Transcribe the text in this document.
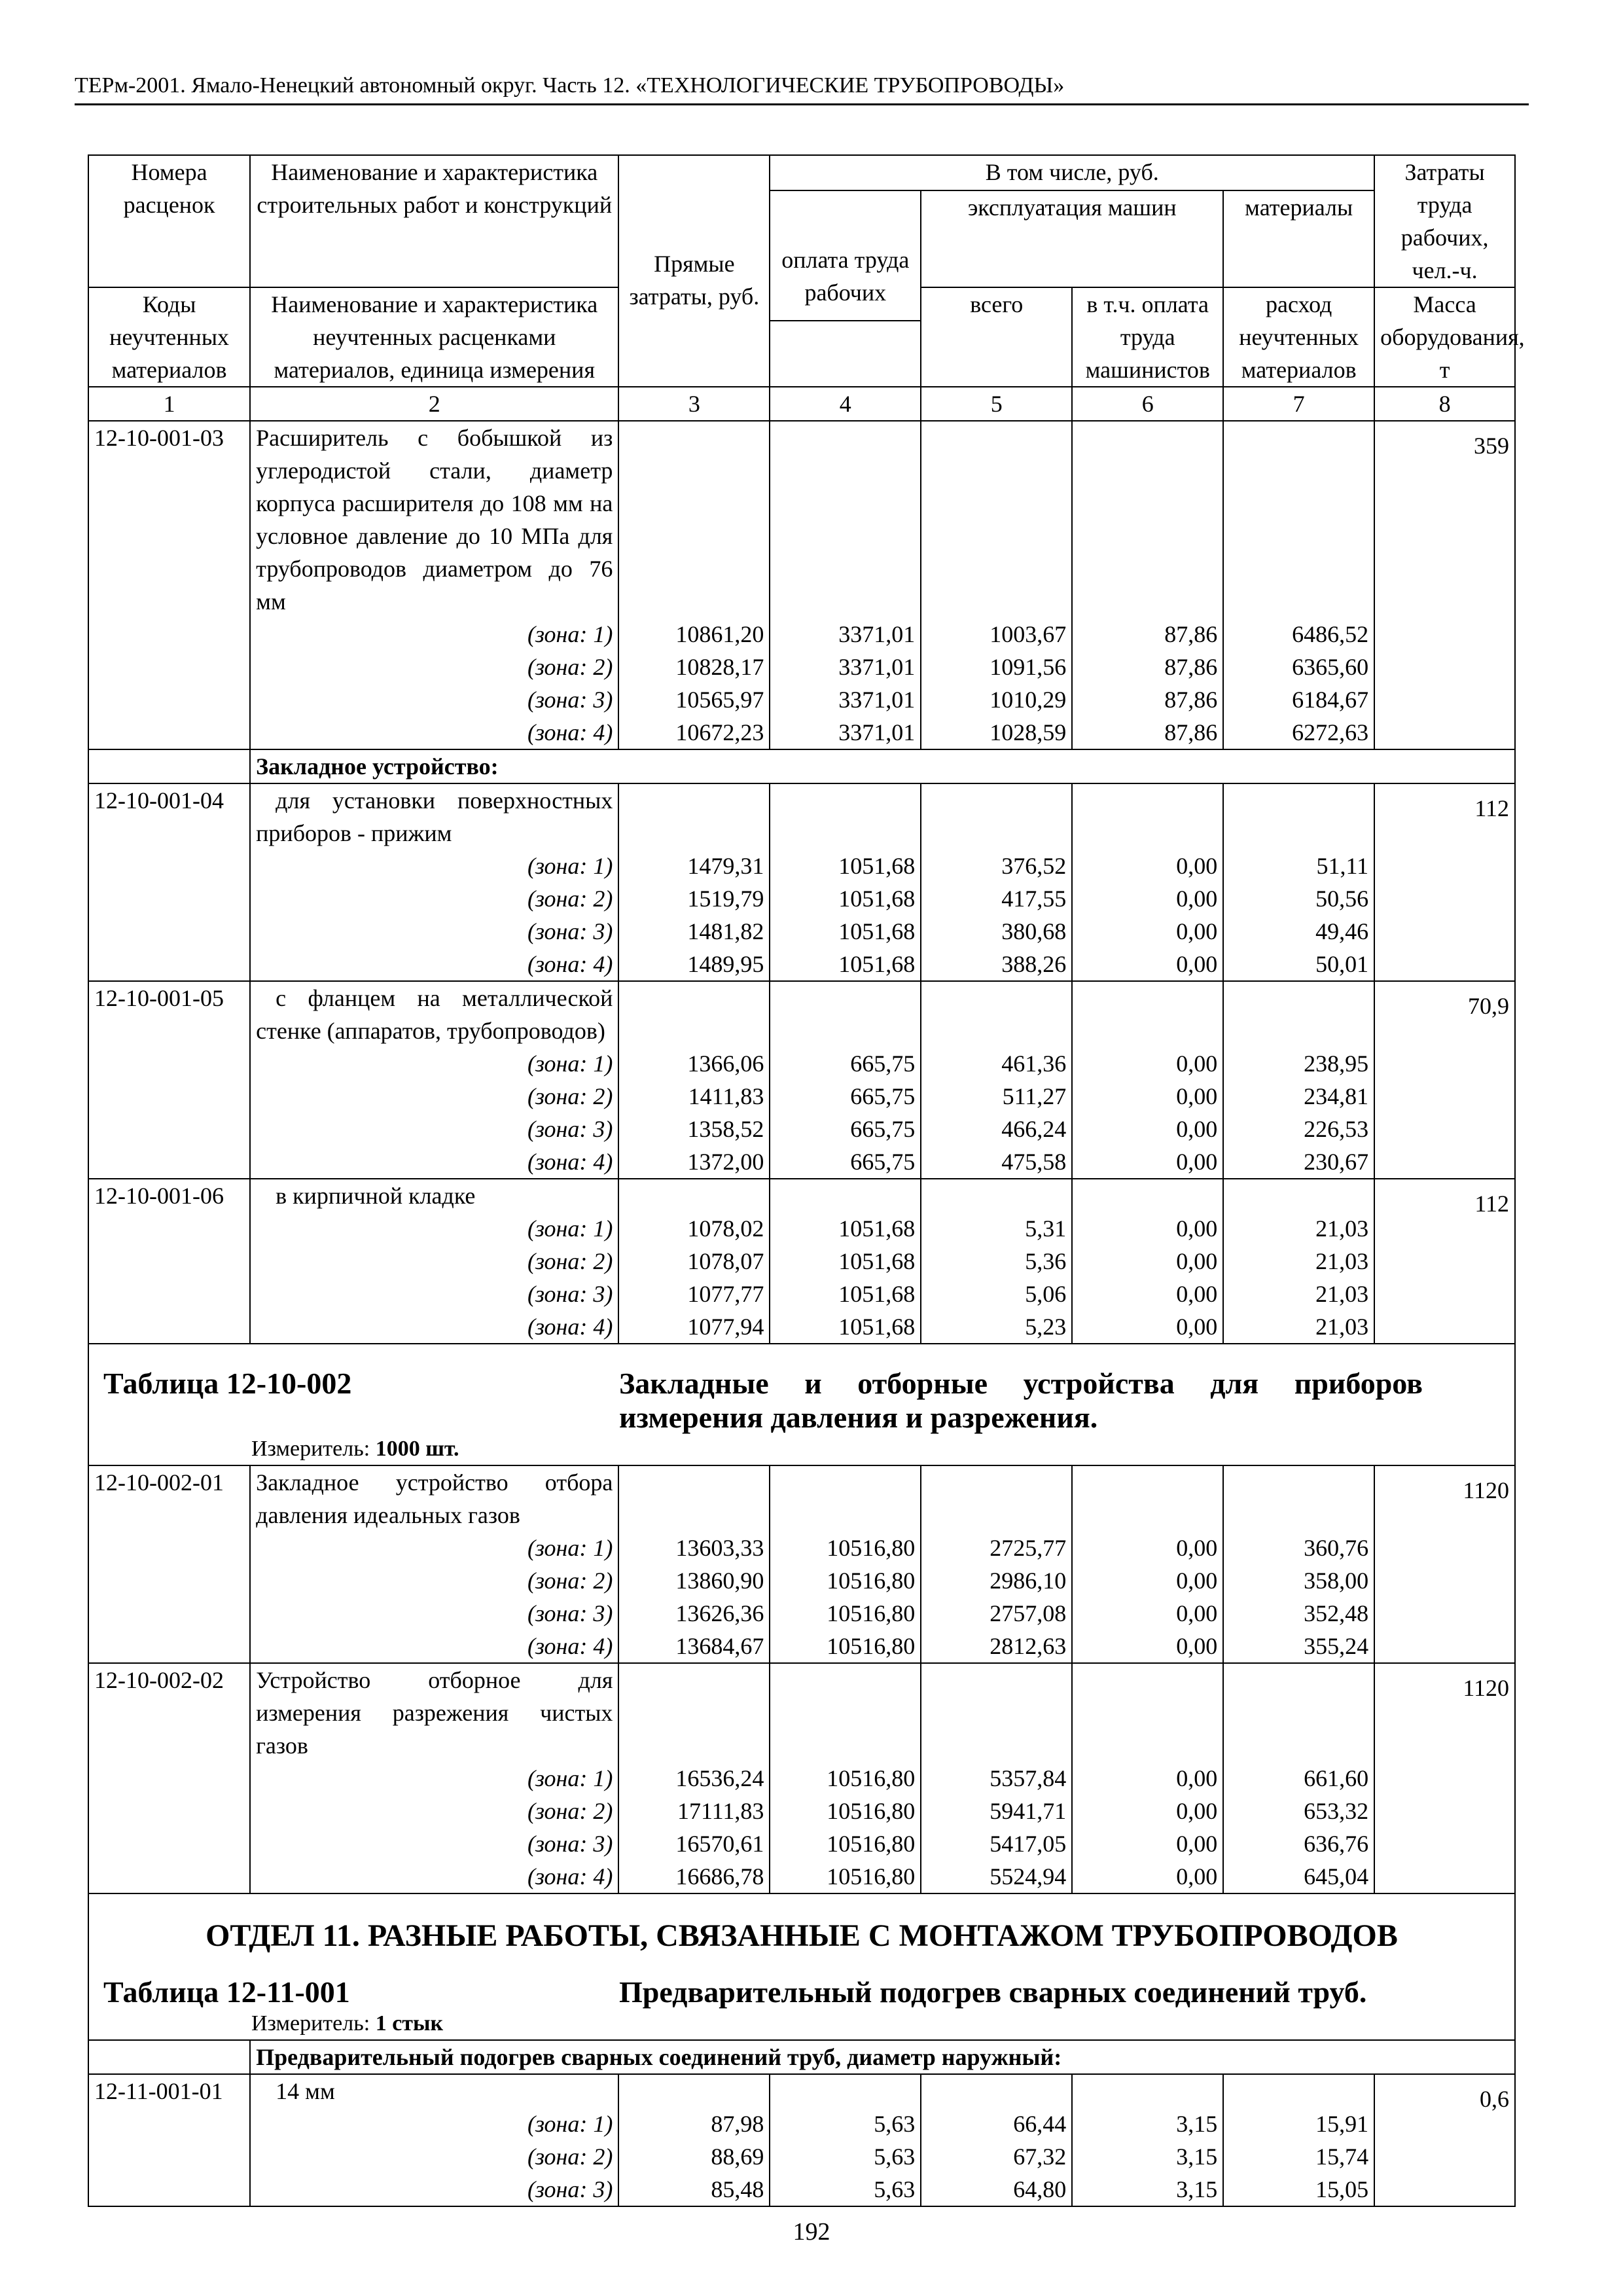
ТЕРм-2001. Ямало-Ненецкий автономный округ. Часть 12. «ТЕХНОЛОГИЧЕСКИЕ ТРУБОПРОВОДЫ»
Номера расценок	Наименование и характеристика строительных работ и конструкций	Прямые затраты, руб.	В том числе, руб.				Затраты труда рабочих, чел.-ч.

			оплата труда рабочих	эксплуатация машин		материалы	

Коды неучтенных материалов	Наименование и характеристика неучтенных расценками материалов, единица измерения			всего	в т.ч. оплата труда машинистов	расход неучтенных материалов	Масса оборудования, т

1	2	3	4	5	6	7	8
12-10-001-03	Расширитель с бобышкой из углеродистой стали, диаметр корпуса расширителя до 108 мм на условное давление до 10 МПа для трубопроводов диаметром до 76 мм						359
	(зона: 1)	10861,20	3371,01	1003,67	87,86	6486,52	
	(зона: 2)	10828,17	3371,01	1091,56	87,86	6365,60	
	(зона: 3)	10565,97	3371,01	1010,29	87,86	6184,67	
	(зона: 4)	10672,23	3371,01	1028,59	87,86	6272,63	
	Закладное устройство:						
12-10-001-04	для установки поверхностных приборов - прижим						112
	(зона: 1)	1479,31	1051,68	376,52	0,00	51,11	
	(зона: 2)	1519,79	1051,68	417,55	0,00	50,56	
	(зона: 3)	1481,82	1051,68	380,68	0,00	49,46	
	(зона: 4)	1489,95	1051,68	388,26	0,00	50,01	
12-10-001-05	с фланцем на металлической стенке (аппаратов, трубопроводов)						70,9
	(зона: 1)	1366,06	665,75	461,36	0,00	238,95	
	(зона: 2)	1411,83	665,75	511,27	0,00	234,81	
	(зона: 3)	1358,52	665,75	466,24	0,00	226,53	
	(зона: 4)	1372,00	665,75	475,58	0,00	230,67	
12-10-001-06	в кирпичной кладке						112
	(зона: 1)	1078,02	1051,68	5,31	0,00	21,03	
	(зона: 2)	1078,07	1051,68	5,36	0,00	21,03	
	(зона: 3)	1077,77	1051,68	5,06	0,00	21,03	
	(зона: 4)	1077,94	1051,68	5,23	0,00	21,03	

Таблица 12-10-002 Закладные и отборные устройства для приборов измерения давления и разрежения.
Измеритель: 1000 шт.							

12-10-002-01	Закладное устройство отбора давления идеальных газов						1120
	(зона: 1)	13603,33	10516,80	2725,77	0,00	360,76	
	(зона: 2)	13860,90	10516,80	2986,10	0,00	358,00	
	(зона: 3)	13626,36	10516,80	2757,08	0,00	352,48	
	(зона: 4)	13684,67	10516,80	2812,63	0,00	355,24	
12-10-002-02	Устройство отборное для измерения разрежения чистых газов						1120
	(зона: 1)	16536,24	10516,80	5357,84	0,00	661,60	
	(зона: 2)	17111,83	10516,80	5941,71	0,00	653,32	
	(зона: 3)	16570,61	10516,80	5417,05	0,00	636,76	
	(зона: 4)	16686,78	10516,80	5524,94	0,00	645,04	

ОТДЕЛ 11. РАЗНЫЕ РАБОТЫ, СВЯЗАННЫЕ С МОНТАЖОМ ТРУБОПРОВОДОВ
Таблица 12-11-001 Предварительный подогрев сварных соединений труб.
Измеритель: 1 стык							

	Предварительный подогрев сварных соединений труб, диаметр наружный:						
12-11-001-01	14 мм						0,6
	(зона: 1)	87,98	5,63	66,44	3,15	15,91	
	(зона: 2)	88,69	5,63	67,32	3,15	15,74	
	(зона: 3)	85,48	5,63	64,80	3,15	15,05	
192
